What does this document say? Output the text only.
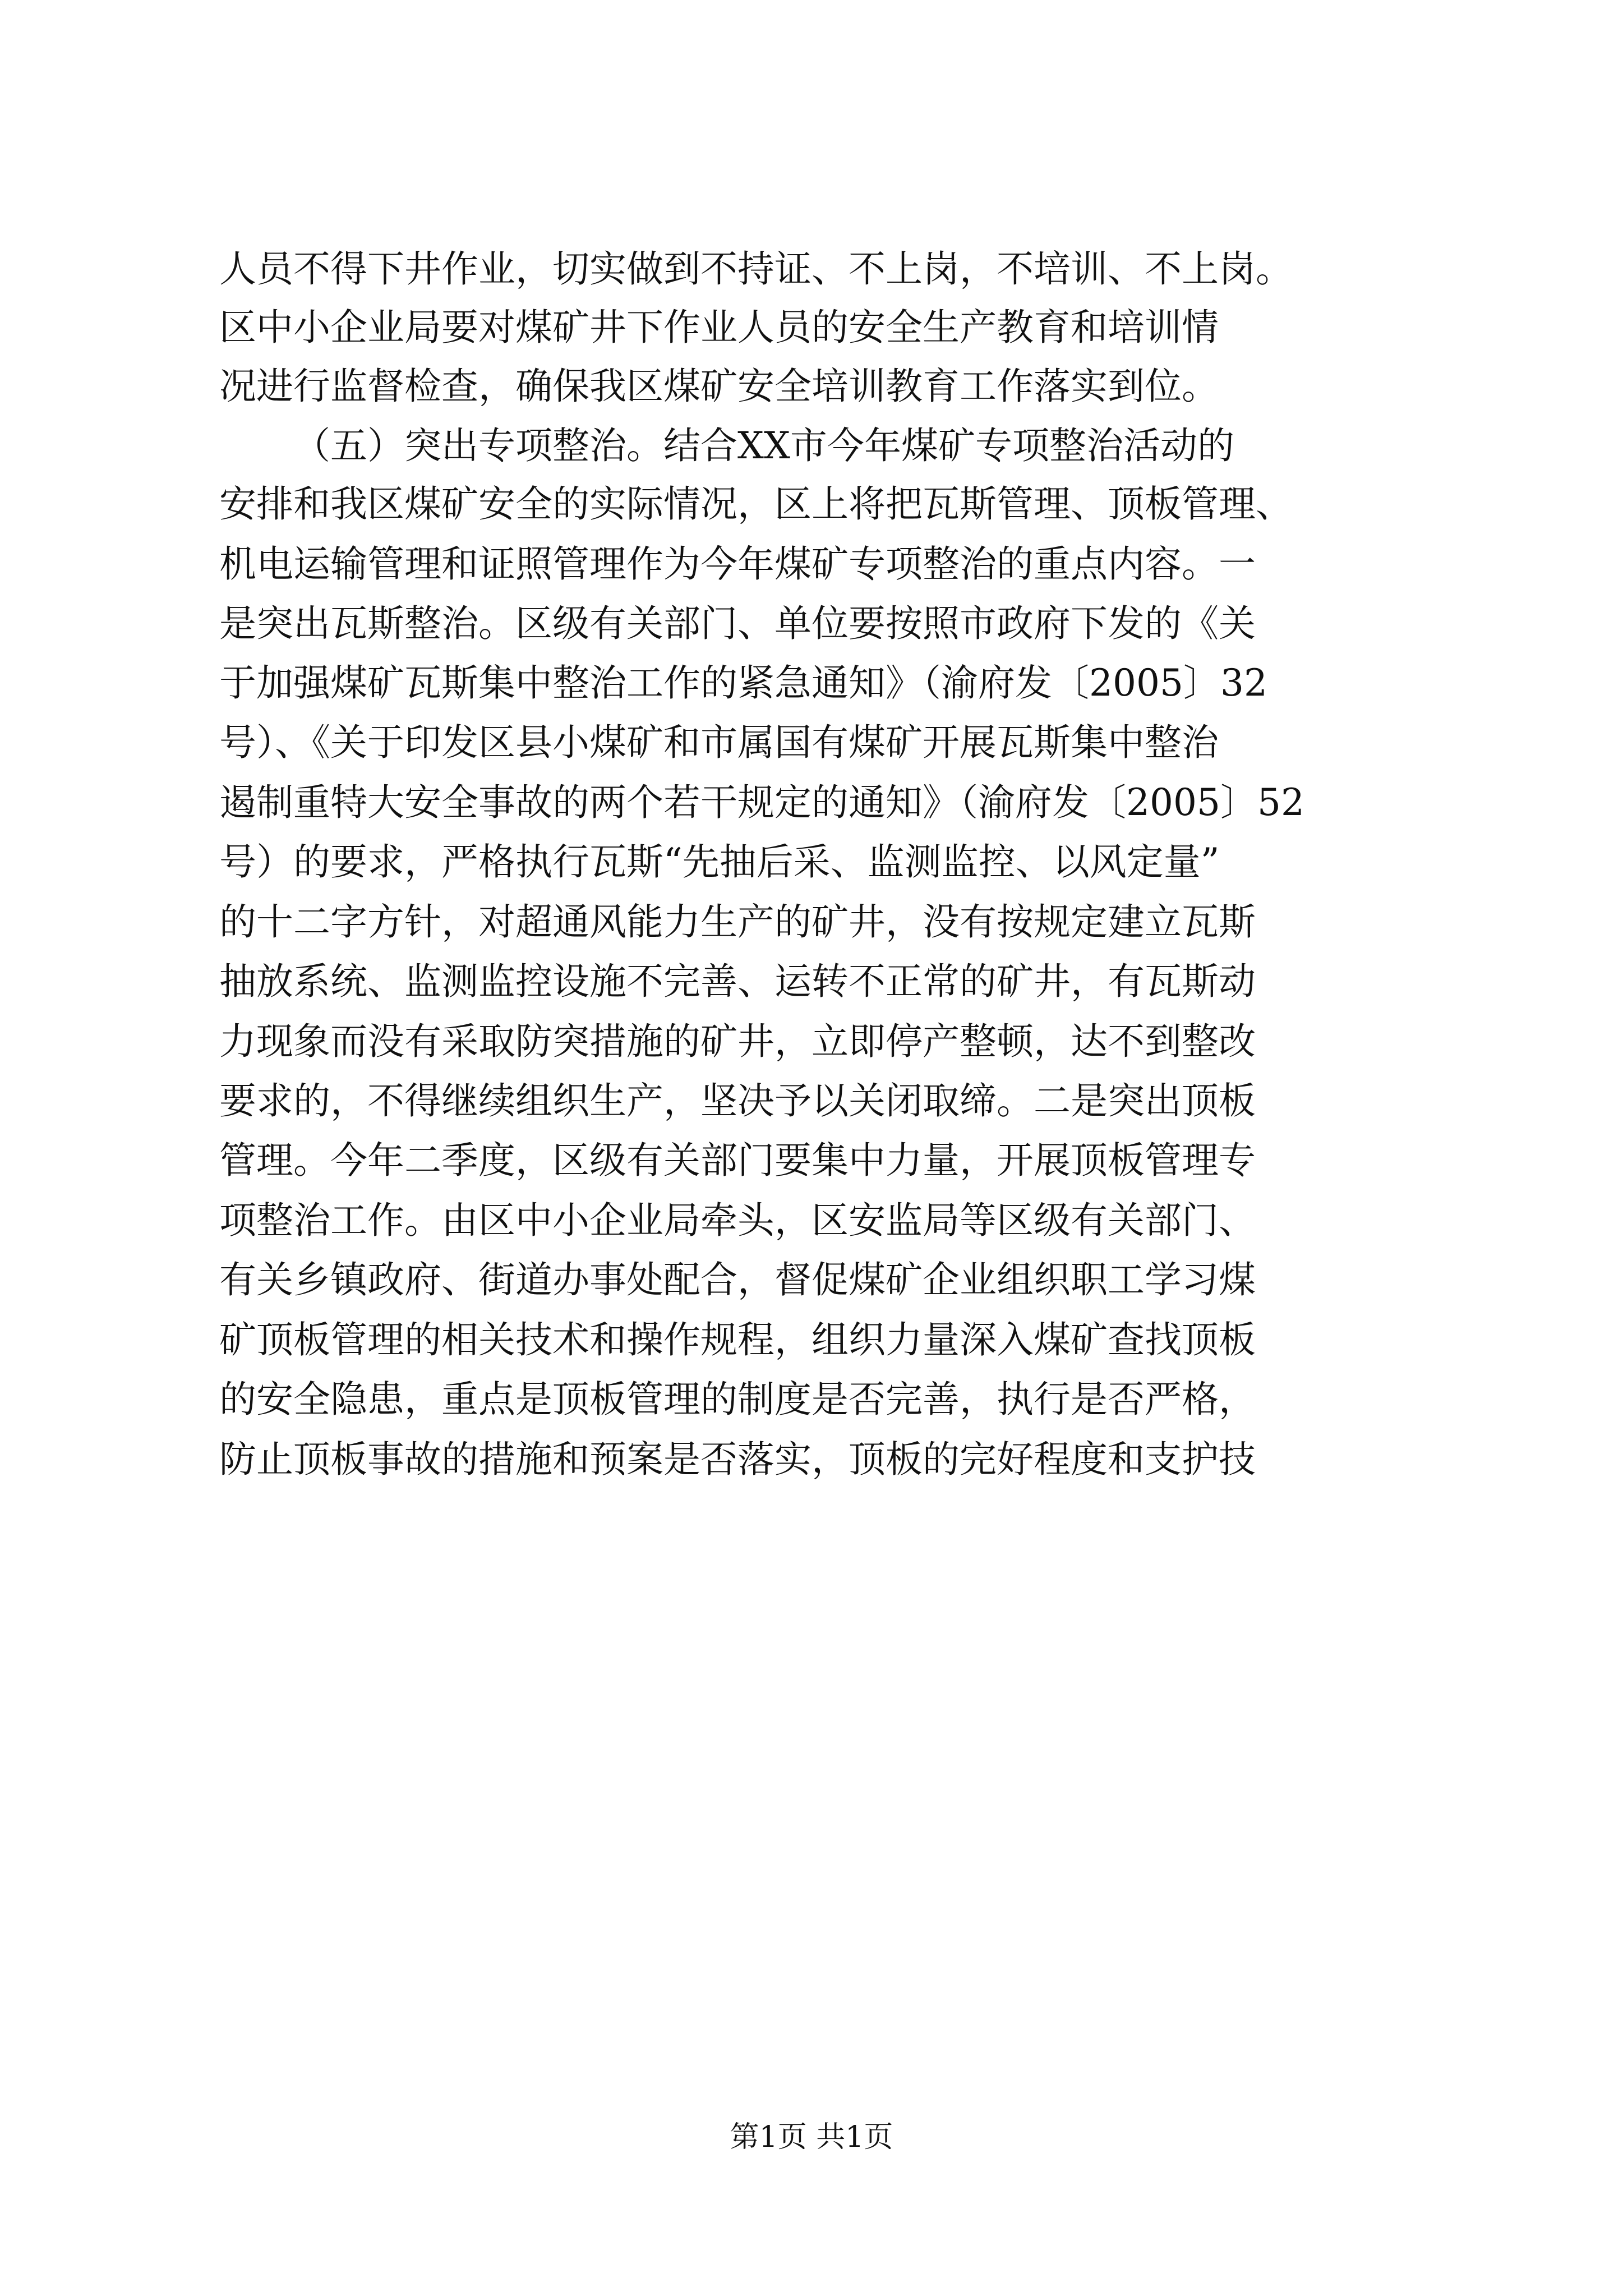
人员不得下井作业，切实做到不持证、不上岗，不培训、不上岗。
区中小企业局要对煤矿井下作业人员的安全生产教育和培训情
况进行监督检查，确保我区煤矿安全培训教育工作落实到位。
（五）突出专项整治。结合XX市今年煤矿专项整治活动的
安排和我区煤矿安全的实际情况，区上将把瓦斯管理、顶板管理、
机电运输管理和证照管理作为今年煤矿专项整治的重点内容。一
是突出瓦斯整治。区级有关部门、单位要按照市政府下发的《关
于加强煤矿瓦斯集中整治工作的紧急通知》（渝府发〔2005〕32
号）、《关于印发区县小煤矿和市属国有煤矿开展瓦斯集中整治
遏制重特大安全事故的两个若干规定的通知》（渝府发〔2005〕52
号）的要求，严格执行瓦斯“先抽后采、监测监控、以风定量”
的十二字方针，对超通风能力生产的矿井，没有按规定建立瓦斯
抽放系统、监测监控设施不完善、运转不正常的矿井，有瓦斯动
力现象而没有采取防突措施的矿井，立即停产整顿，达不到整改
要求的，不得继续组织生产，坚决予以关闭取缔。二是突出顶板
管理。今年二季度，区级有关部门要集中力量，开展顶板管理专
项整治工作。由区中小企业局牵头，区安监局等区级有关部门、
有关乡镇政府、街道办事处配合，督促煤矿企业组织职工学习煤
矿顶板管理的相关技术和操作规程，组织力量深入煤矿查找顶板
的安全隐患，重点是顶板管理的制度是否完善，执行是否严格，
防止顶板事故的措施和预案是否落实，顶板的完好程度和支护技
第1页 共1页
